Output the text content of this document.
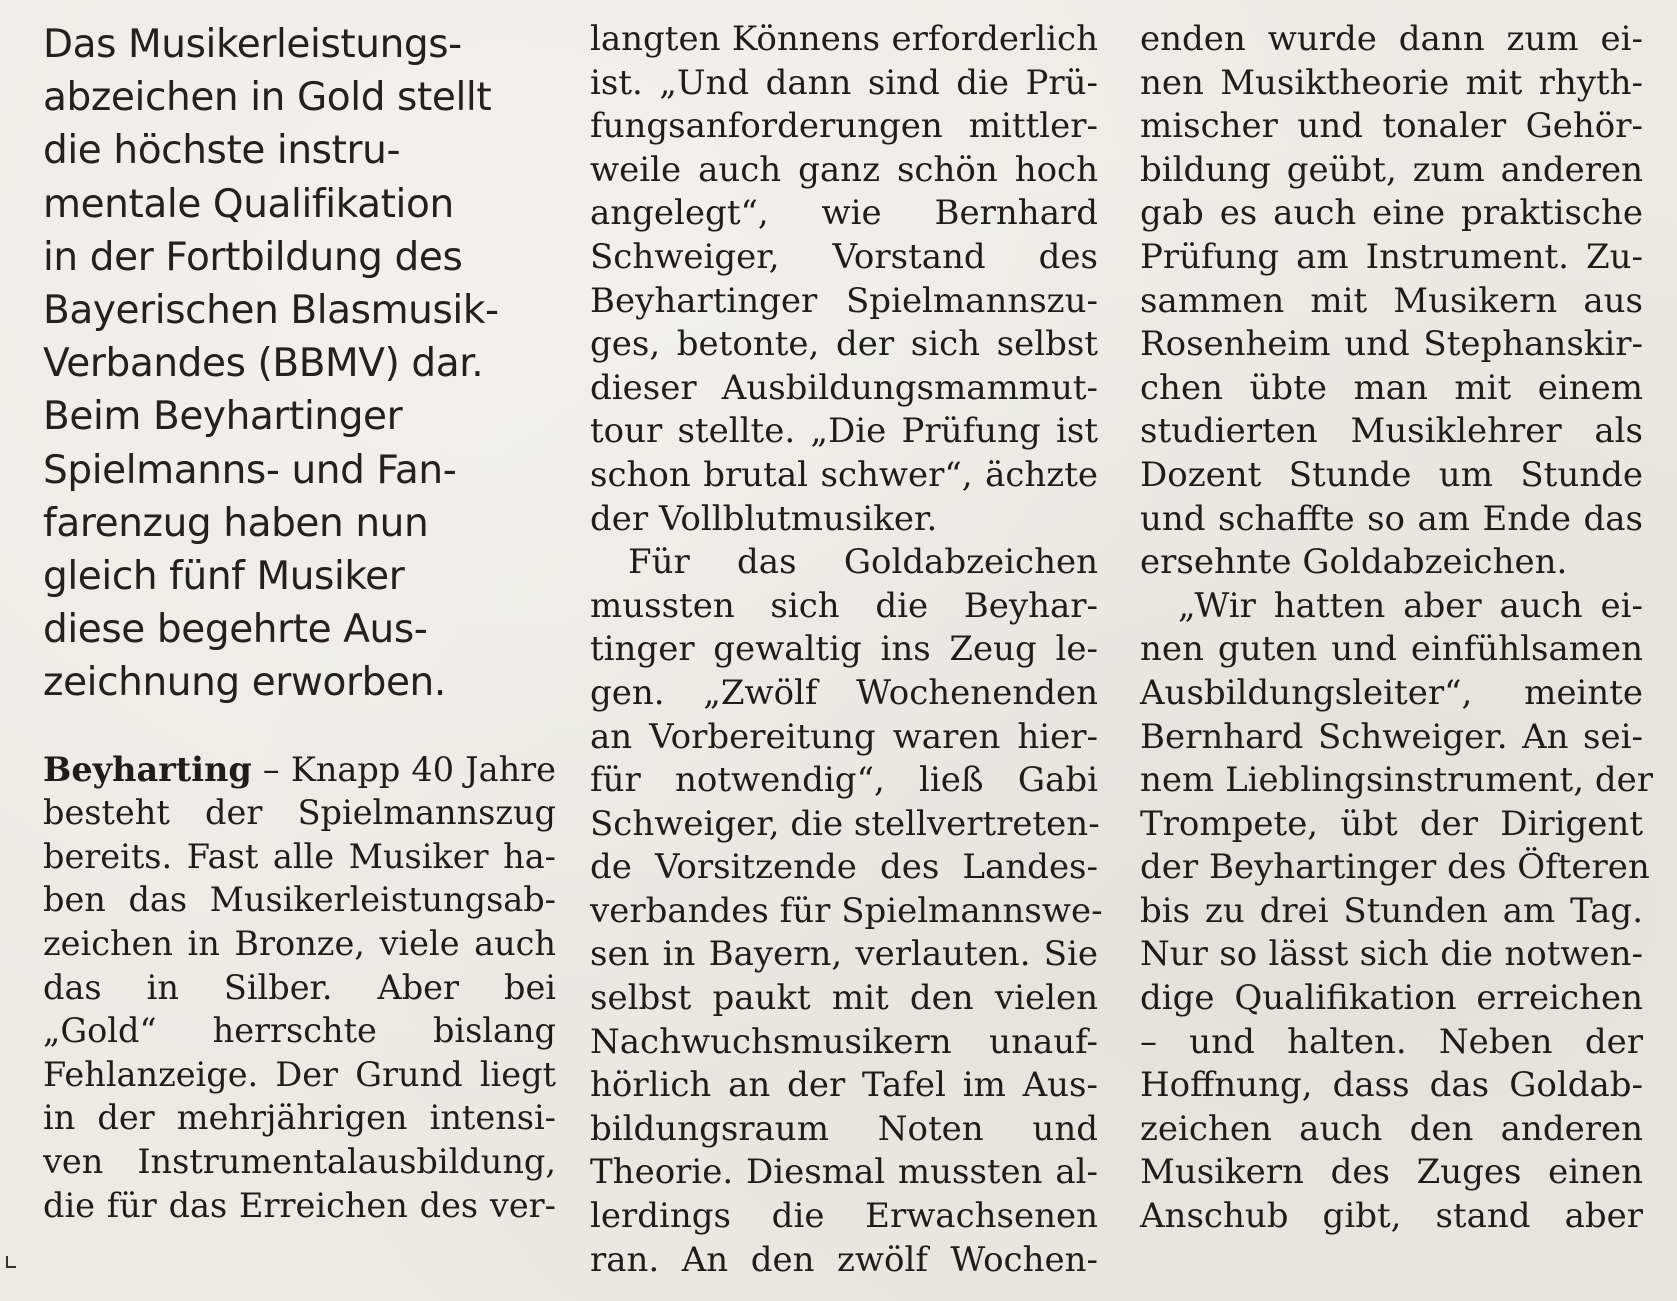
Das Musikerleistungs-
abzeichen in Gold stellt
die höchste instru-
mentale Qualifikation
in der Fortbildung des
Bayerischen Blasmusik-
Verbandes (BBMV) dar.
Beim Beyhartinger
Spielmanns- und Fan-
farenzug haben nun
gleich fünf Musiker
diese begehrte Aus-
zeichnung erworben.
Beyharting – Knapp 40 Jahre
besteht der Spielmannszug
bereits. Fast alle Musiker ha-
ben das Musikerleistungsab-
zeichen in Bronze, viele auch
das in Silber. Aber bei
„Gold“ herrschte bislang
Fehlanzeige. Der Grund liegt
in der mehrjährigen intensi-
ven Instrumentalausbildung,
die für das Erreichen des ver-
langten Könnens erforderlich
ist. „Und dann sind die Prü-
fungsanforderungen mittler-
weile auch ganz schön hoch
angelegt“, wie Bernhard
Schweiger, Vorstand des
Beyhartinger Spielmannszu-
ges, betonte, der sich selbst
dieser Ausbildungsmammut-
tour stellte. „Die Prüfung ist
schon brutal schwer“, ächzte
der Vollblutmusiker.
Für das Goldabzeichen
mussten sich die Beyhar-
tinger gewaltig ins Zeug le-
gen. „Zwölf Wochenenden
an Vorbereitung waren hier-
für notwendig“, ließ Gabi
Schweiger, die stellvertreten-
de Vorsitzende des Landes-
verbandes für Spielmannswe-
sen in Bayern, verlauten. Sie
selbst paukt mit den vielen
Nachwuchsmusikern unauf-
hörlich an der Tafel im Aus-
bildungsraum Noten und
Theorie. Diesmal mussten al-
lerdings die Erwachsenen
ran. An den zwölf Wochen-
enden wurde dann zum ei-
nen Musiktheorie mit rhyth-
mischer und tonaler Gehör-
bildung geübt, zum anderen
gab es auch eine praktische
Prüfung am Instrument. Zu-
sammen mit Musikern aus
Rosenheim und Stephanskir-
chen übte man mit einem
studierten Musiklehrer als
Dozent Stunde um Stunde
und schaffte so am Ende das
ersehnte Goldabzeichen.
„Wir hatten aber auch ei-
nen guten und einfühlsamen
Ausbildungsleiter“, meinte
Bernhard Schweiger. An sei-
nem Lieblingsinstrument, der
Trompete, übt der Dirigent
der Beyhartinger des Öfteren
bis zu drei Stunden am Tag.
Nur so lässt sich die notwen-
dige Qualifikation erreichen
– und halten. Neben der
Hoffnung, dass das Goldab-
zeichen auch den anderen
Musikern des Zuges einen
Anschub gibt, stand aber
